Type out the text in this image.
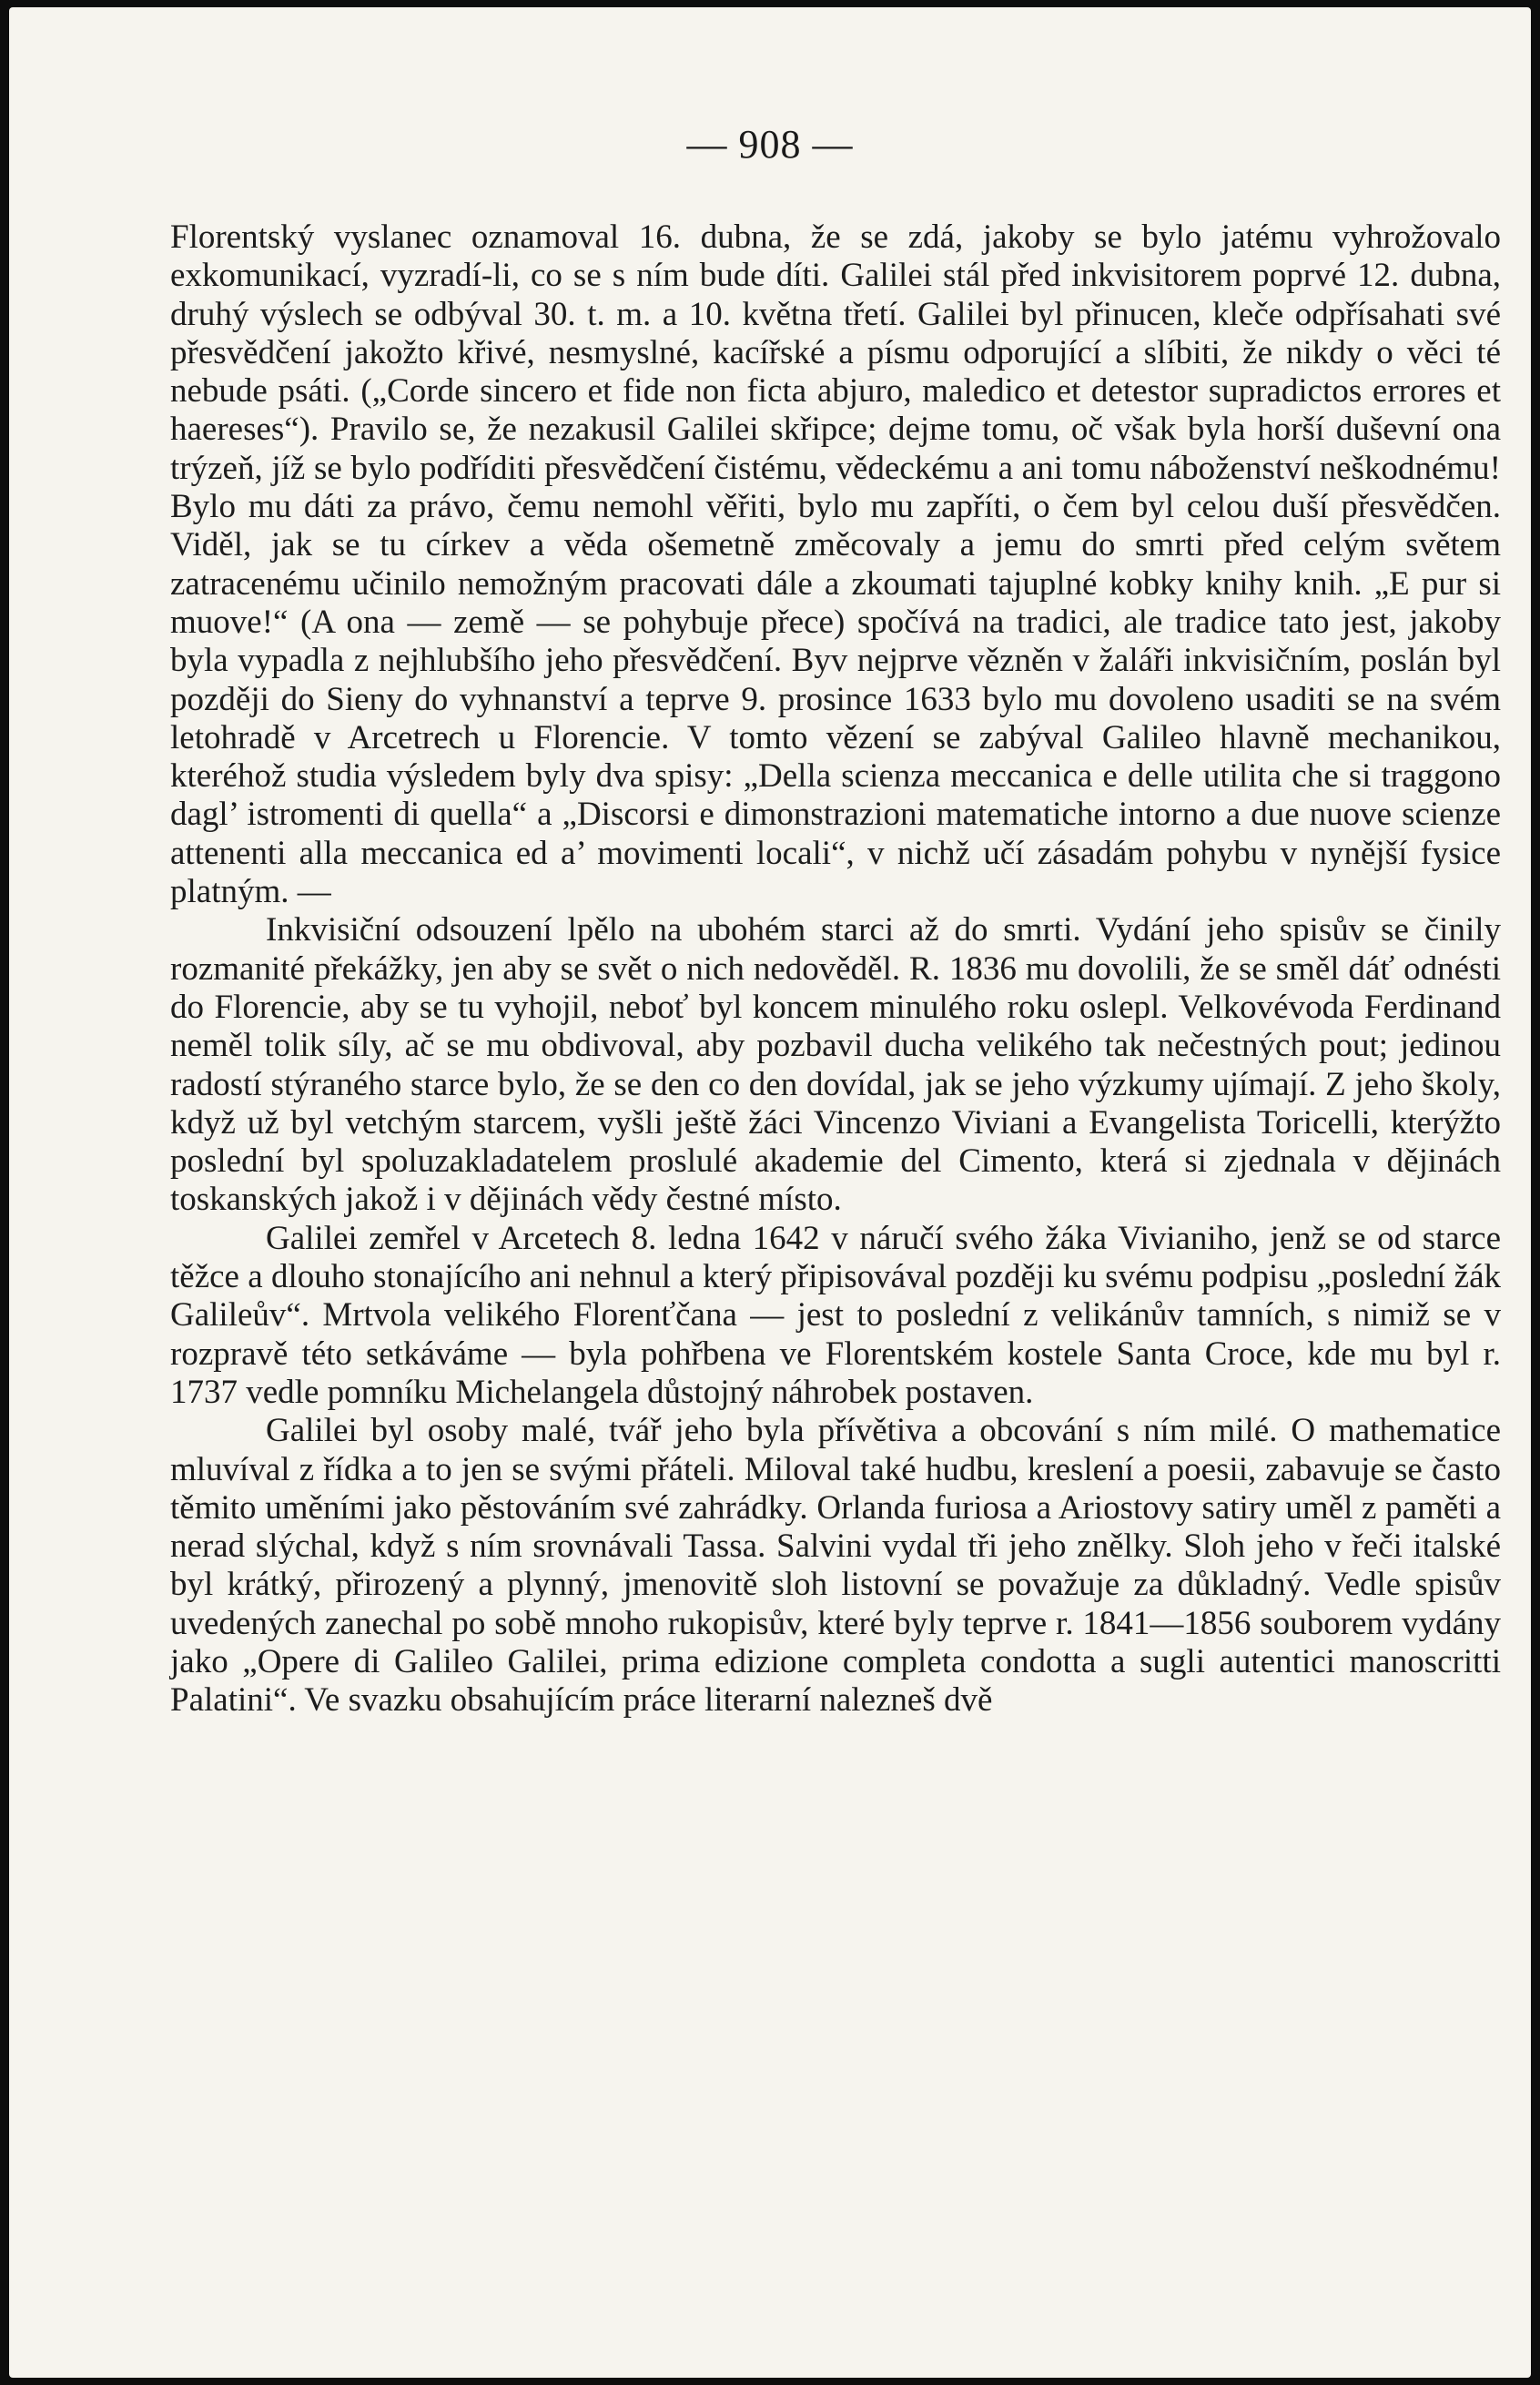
— 908 —

Florentský vyslanec oznamoval 16. dubna, že se zdá, jakoby se bylo jatému vyhrožovalo exkomunikací, vyzradí-li, co se s ním bude díti. Galilei stál před inkvisitorem poprvé 12. dubna, druhý výslech se odbýval 30. t. m. a 10. května třetí. Galilei byl přinucen, kleče odpřísahati své přesvědčení jakožto křivé, nesmyslné, kacířské a písmu odporující a slíbiti, že nikdy o věci té nebude psáti. („Corde sincero et fide non ficta abjuro, maledico et detestor supradictos errores et haereses“). Pravilo se, že nezakusil Galilei skřipce; dejme tomu, oč však byla horší duševní ona trýzeň, jíž se bylo podříditi přesvědčení čistému, vědeckému a ani tomu náboženství neškodnému! Bylo mu dáti za právo, čemu nemohl věřiti, bylo mu zapříti, o čem byl celou duší přesvědčen. Viděl, jak se tu církev a věda ošemetně změcovaly a jemu do smrti před celým světem zatracenému učinilo nemožným pracovati dále a zkoumati tajuplné kobky knihy knih. „E pur si muove!“ (A ona — země — se pohybuje přece) spočívá na tradici, ale tradice tato jest, jakoby byla vypadla z nejhlubšího jeho přesvědčení. Byv nejprve vězněn v žaláři inkvisičním, poslán byl později do Sieny do vyhnanství a teprve 9. prosince 1633 bylo mu dovoleno usaditi se na svém letohradě v Arcetrech u Florencie. V tomto vězení se zabýval Galileo hlavně mechanikou, kteréhož studia výsledem byly dva spisy: „Della scienza meccanica e delle utilita che si traggono dagl’ istromenti di quella“ a „Discorsi e dimonstrazioni matematiche intorno a due nuove scienze attenenti alla meccanica ed a’ movimenti locali“, v nichž učí zásadám pohybu v nynější fysice platným. —

Inkvisiční odsouzení lpělo na ubohém starci až do smrti. Vydání jeho spisův se činily rozmanité překážky, jen aby se svět o nich nedověděl. R. 1836 mu dovolili, že se směl dáť odnésti do Florencie, aby se tu vyhojil, neboť byl koncem minulého roku oslepl. Velkovévoda Ferdinand neměl tolik síly, ač se mu obdivoval, aby pozbavil ducha velikého tak nečestných pout; jedinou radostí stýraného starce bylo, že se den co den dovídal, jak se jeho výzkumy ujímají. Z jeho školy, když už byl vetchým starcem, vyšli ještě žáci Vincenzo Viviani a Evangelista Toricelli, kterýžto poslední byl spoluzakladatelem proslulé akademie del Cimento, která si zjednala v dějinách toskanských jakož i v dějinách vědy čestné místo.

Galilei zemřel v Arcetech 8. ledna 1642 v náručí svého žáka Vivianiho, jenž se od starce těžce a dlouho stonajícího ani nehnul a který připisovával později ku svému podpisu „poslední žák Galileův“. Mrtvola velikého Florenťčana — jest to poslední z velikánův tamních, s nimiž se v rozpravě této setkáváme — byla pohřbena ve Florentském kostele Santa Croce, kde mu byl r. 1737 vedle pomníku Michelangela důstojný náhrobek postaven.

Galilei byl osoby malé, tvář jeho byla přívětiva a obcování s ním milé. O mathematice mluvíval z řídka a to jen se svými přáteli. Miloval také hudbu, kreslení a poesii, zabavuje se často těmito uměními jako pěstováním své zahrádky. Orlanda furiosa a Ariostovy satiry uměl z paměti a nerad slýchal, když s ním srovnávali Tassa. Salvini vydal tři jeho znělky. Sloh jeho v řeči italské byl krátký, přirozený a plynný, jmenovitě sloh listovní se považuje za důkladný. Vedle spisův uvedených zanechal po sobě mnoho rukopisův, které byly teprve r. 1841—1856 souborem vydány jako „Opere di Galileo Galilei, prima edizione completa condotta a sugli autentici manoscritti Palatini“. Ve svazku obsahujícím práce literarní nalezneš dvě
